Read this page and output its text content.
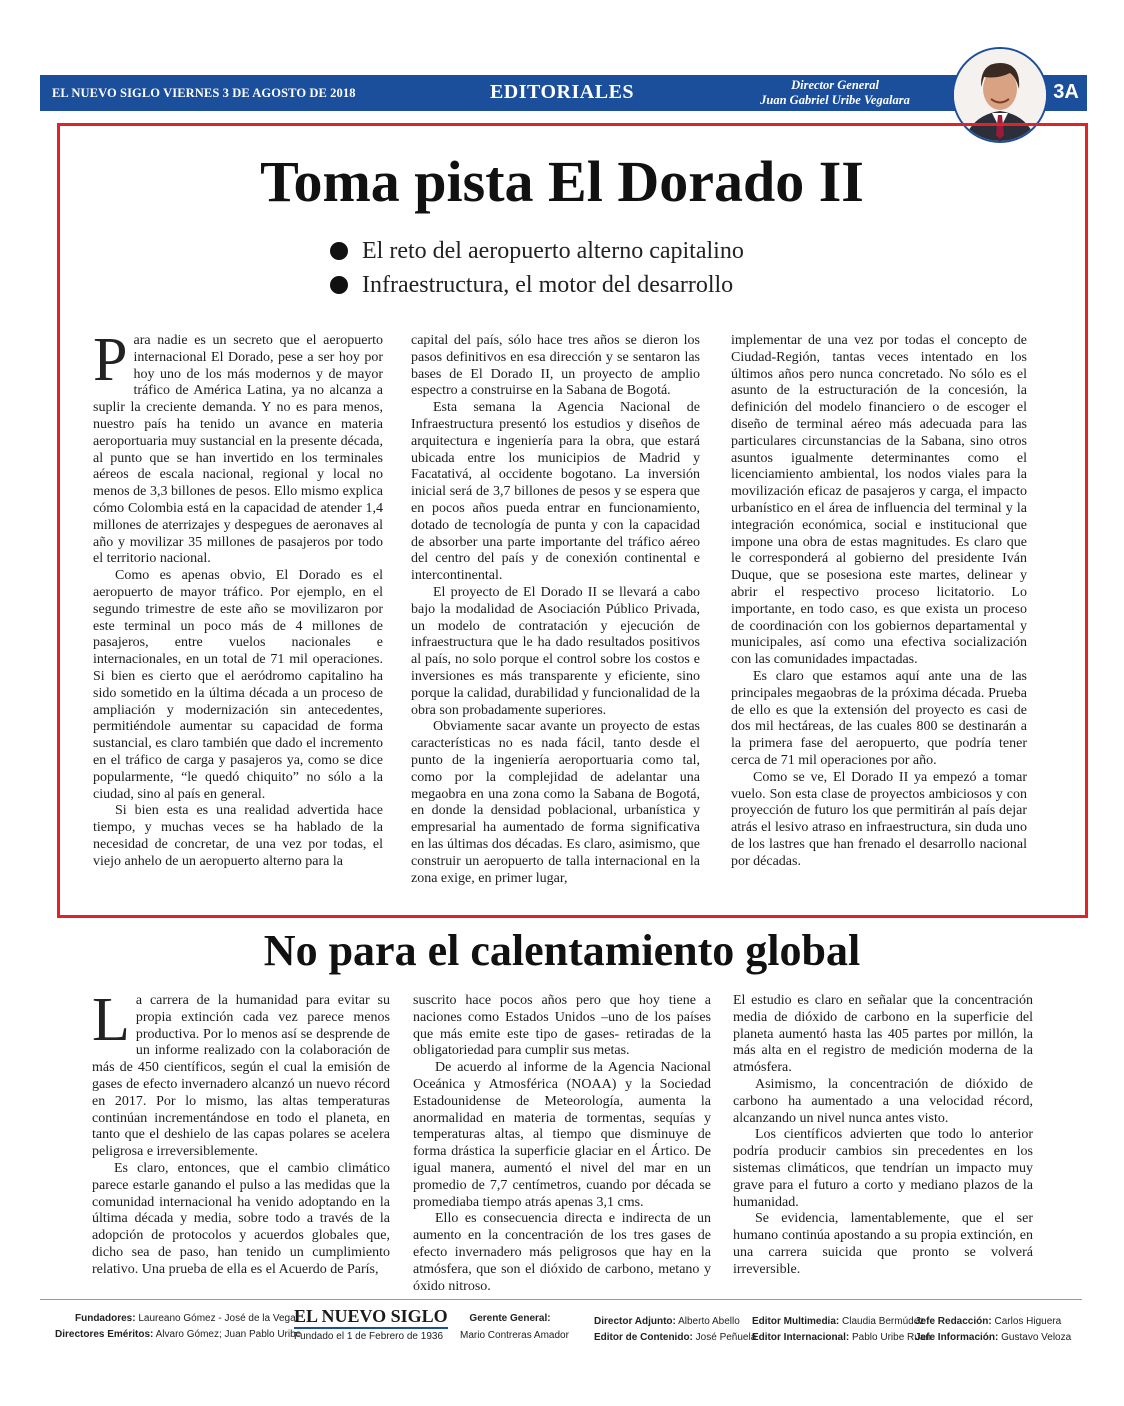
EL NUEVO SIGLO VIERNES 3 DE AGOSTO DE 2018	EDITORIALES	Director General
Juan Gabriel Uribe Vegalara	3A
Toma pista El Dorado II
El reto del aeropuerto alterno capitalino
Infraestructura, el motor del desarrollo
P ara nadie es un secreto que el aeropuerto internacional El Dorado, pese a ser hoy por hoy uno de los más modernos y de mayor tráfico de América Latina, ya no alcanza a suplir la creciente demanda. Y no es para menos, nuestro país ha tenido un avance en materia aeroportuaria muy sustancial en la presente década, al punto que se han invertido en los terminales aéreos de escala nacional, regional y local no menos de 3,3 billones de pesos. Ello mismo explica cómo Colombia está en la capacidad de atender 1,4 millones de aterrizajes y despegues de aeronaves al año y movilizar 35 millones de pasajeros por todo el territorio nacional.

Como es apenas obvio, El Dorado es el aeropuerto de mayor tráfico. Por ejemplo, en el segundo trimestre de este año se movilizaron por este terminal un poco más de 4 millones de pasajeros, entre vuelos nacionales e internacionales, en un total de 71 mil operaciones. Si bien es cierto que el aeródromo capitalino ha sido sometido en la última década a un proceso de ampliación y modernización sin antecedentes, permitiéndole aumentar su capacidad de forma sustancial, es claro también que dado el incremento en el tráfico de carga y pasajeros ya, como se dice popularmente, “le quedó chiquito” no sólo a la ciudad, sino al país en general.

Si bien esta es una realidad advertida hace tiempo, y muchas veces se ha hablado de la necesidad de concretar, de una vez por todas, el viejo anhelo de un aeropuerto alterno para la

capital del país, sólo hace tres años se dieron los pasos definitivos en esa dirección y se sentaron las bases de El Dorado II, un proyecto de amplio espectro a construirse en la Sabana de Bogotá.

Esta semana la Agencia Nacional de Infraestructura presentó los estudios y diseños de arquitectura e ingeniería para la obra, que estará ubicada entre los municipios de Madrid y Facatativá, al occidente bogotano. La inversión inicial será de 3,7 billones de pesos y se espera que en pocos años pueda entrar en funcionamiento, dotado de tecnología de punta y con la capacidad de absorber una parte importante del tráfico aéreo del centro del país y de conexión continental e intercontinental.

El proyecto de El Dorado II se llevará a cabo bajo la modalidad de Asociación Público Privada, un modelo de contratación y ejecución de infraestructura que le ha dado resultados positivos al país, no solo porque el control sobre los costos e inversiones es más transparente y eficiente, sino porque la calidad, durabilidad y funcionalidad de la obra son probadamente superiores.

Obviamente sacar avante un proyecto de estas características no es nada fácil, tanto desde el punto de la ingeniería aeroportuaria como tal, como por la complejidad de adelantar una megaobra en una zona como la Sabana de Bogotá, en donde la densidad poblacional, urbanística y empresarial ha aumentado de forma significativa en las últimas dos décadas. Es claro, asimismo, que construir un aeropuerto de talla internacional en la zona exige, en primer lugar,

implementar de una vez por todas el concepto de Ciudad-Región, tantas veces intentado en los últimos años pero nunca concretado. No sólo es el asunto de la estructuración de la concesión, la definición del modelo financiero o de escoger el diseño de terminal aéreo más adecuada para las particulares circunstancias de la Sabana, sino otros asuntos igualmente determinantes como el licenciamiento ambiental, los nodos viales para la movilización eficaz de pasajeros y carga, el impacto urbanístico en el área de influencia del terminal y la integración económica, social e institucional que impone una obra de estas magnitudes. Es claro que le corresponderá al gobierno del presidente Iván Duque, que se posesiona este martes, delinear y abrir el respectivo proceso licitatorio. Lo importante, en todo caso, es que exista un proceso de coordinación con los gobiernos departamental y municipales, así como una efectiva socialización con las comunidades impactadas.

Es claro que estamos aquí ante una de las principales megaobras de la próxima década. Prueba de ello es que la extensión del proyecto es casi de dos mil hectáreas, de las cuales 800 se destinarán a la primera fase del aeropuerto, que podría tener cerca de 71 mil operaciones por año.

Como se ve, El Dorado II ya empezó a tomar vuelo. Son esta clase de proyectos ambiciosos y con proyección de futuro los que permitirán al país dejar atrás el lesivo atraso en infraestructura, sin duda uno de los lastres que han frenado el desarrollo nacional por décadas.

No para el calentamiento global
L a carrera de la humanidad para evitar su propia extinción cada vez parece menos productiva. Por lo menos así se desprende de un informe realizado con la colaboración de más de 450 científicos, según el cual la emisión de gases de efecto invernadero alcanzó un nuevo récord en 2017. Por lo mismo, las altas temperaturas continúan incrementándose en todo el planeta, en tanto que el deshielo de las capas polares se acelera peligrosa e irreversiblemente.

Es claro, entonces, que el cambio climático parece estarle ganando el pulso a las medidas que la comunidad internacional ha venido adoptando en la última década y media, sobre todo a través de la adopción de protocolos y acuerdos globales que, dicho sea de paso, han tenido un cumplimiento relativo. Una prueba de ella es el Acuerdo de París,

suscrito hace pocos años pero que hoy tiene a naciones como Estados Unidos –uno de los países que más emite este tipo de gases- retiradas de la obligatoriedad para cumplir sus metas.

De acuerdo al informe de la Agencia Nacional Oceánica y Atmosférica (NOAA) y la Sociedad Estadounidense de Meteorología, aumenta la anormalidad en materia de tormentas, sequías y temperaturas altas, al tiempo que disminuye de forma drástica la superficie glaciar en el Ártico. De igual manera, aumentó el nivel del mar en un promedio de 7,7 centímetros, cuando por década se promediaba tiempo atrás apenas 3,1 cms.

Ello es consecuencia directa e indirecta de un aumento en la concentración de los tres gases de efecto invernadero más peligrosos que hay en la atmósfera, que son el dióxido de carbono, metano y óxido nitroso.

El estudio es claro en señalar que la concentración media de dióxido de carbono en la superficie del planeta aumentó hasta las 405 partes por millón, la más alta en el registro de medición moderna de la atmósfera.

Asimismo, la concentración de dióxido de carbono ha aumentado a una velocidad récord, alcanzando un nivel nunca antes visto.

Los científicos advierten que todo lo anterior podría producir cambios sin precedentes en los sistemas climáticos, que tendrían un impacto muy grave para el futuro a corto y mediano plazos de la humanidad.

Se evidencia, lamentablemente, que el ser humano continúa apostando a su propia extinción, en una carrera suicida que pronto se volverá irreversible.

Fundadores: Laureano Gómez - José de la Vega
Directores Eméritos: Alvaro Gómez; Juan Pablo Uribe
EL NUEVO SIGLO
Fundado el 1 de Febrero de 1936
Gerente General:
Mario Contreras Amador
Director Adjunto: Alberto Abello
Editor de Contenido: José Peñuela
Editor Multimedia: Claudia Bermúdez
Editor Internacional: Pablo Uribe Ruan
Jefe Redacción: Carlos Higuera
Jefe Información: Gustavo Veloza
